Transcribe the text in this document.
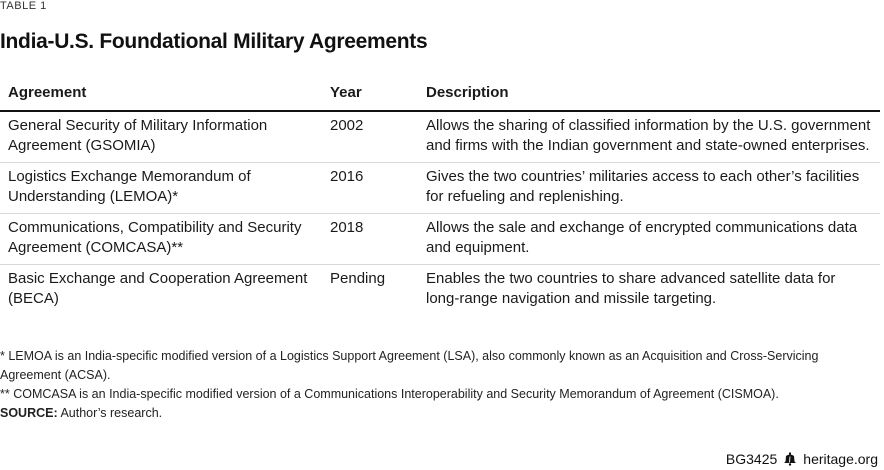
TABLE 1
India-U.S. Foundational Military Agreements
Agreement	Year	Description
General Security of Military Information Agreement (GSOMIA)	2002	Allows the sharing of classified information by the U.S. government and firms with the Indian government and state-owned enterprises.
Logistics Exchange Memorandum of Understanding (LEMOA)*	2016	Gives the two countries’ militaries access to each other’s facilities for refueling and replenishing.
Communications, Compatibility and Security Agreement (COMCASA)**	2018	Allows the sale and exchange of encrypted communications data and equipment.
Basic Exchange and Cooperation Agreement (BECA)	Pending	Enables the two countries to share advanced satellite data for long-range navigation and missile targeting.

* LEMOA is an India-specific modified version of a Logistics Support Agreement (LSA), also commonly known as an Acquisition and Cross-Servicing Agreement (ACSA).

** COMCASA is an India-specific modified version of a Communications Interoperability and Security Memorandum of Agreement (CISMOA).

SOURCE: Author’s research.

BG3425 heritage.org
